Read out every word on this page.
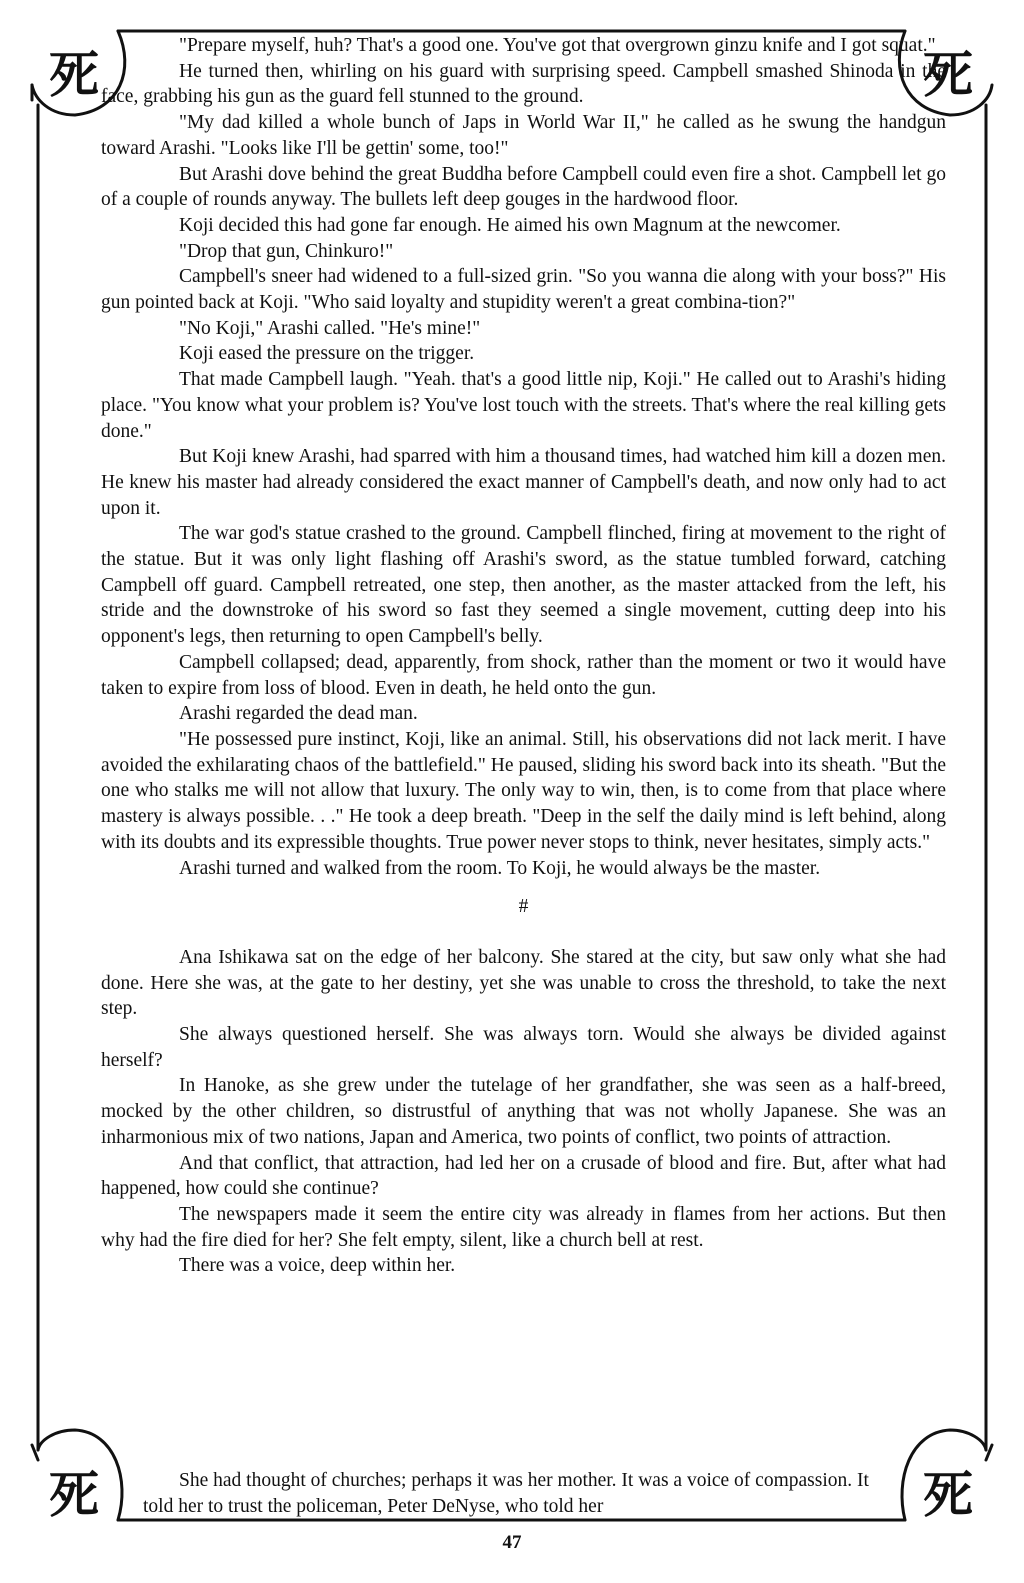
死	死
死	死

"Prepare myself, huh? That's a good one. You've got that overgrown ginzu knife and I got squat."

He turned then, whirling on his guard with surprising speed. Campbell smashed Shinoda in the face, grabbing his gun as the guard fell stunned to the ground.

"My dad killed a whole bunch of Japs in World War II," he called as he swung the handgun toward Arashi. "Looks like I'll be gettin' some, too!"

But Arashi dove behind the great Buddha before Campbell could even fire a shot. Campbell let go of a couple of rounds anyway. The bullets left deep gouges in the hardwood floor.

Koji decided this had gone far enough. He aimed his own Magnum at the newcomer.

"Drop that gun, Chinkuro!"

Campbell's sneer had widened to a full-sized grin. "So you wanna die along with your boss?" His gun pointed back at Koji. "Who said loyalty and stupidity weren't a great combina-tion?"

"No Koji," Arashi called. "He's mine!"

Koji eased the pressure on the trigger.

That made Campbell laugh. "Yeah. that's a good little nip, Koji." He called out to Arashi's hiding place. "You know what your problem is? You've lost touch with the streets. That's where the real killing gets done."

But Koji knew Arashi, had sparred with him a thousand times, had watched him kill a dozen men. He knew his master had already considered the exact manner of Campbell's death, and now only had to act upon it.

The war god's statue crashed to the ground. Campbell flinched, firing at movement to the right of the statue. But it was only light flashing off Arashi's sword, as the statue tumbled forward, catching Campbell off guard. Campbell retreated, one step, then another, as the master attacked from the left, his stride and the downstroke of his sword so fast they seemed a single movement, cutting deep into his opponent's legs, then returning to open Campbell's belly.

Campbell collapsed; dead, apparently, from shock, rather than the moment or two it would have taken to expire from loss of blood. Even in death, he held onto the gun.

Arashi regarded the dead man.

"He possessed pure instinct, Koji, like an animal. Still, his observations did not lack merit. I have avoided the exhilarating chaos of the battlefield." He paused, sliding his sword back into its sheath. "But the one who stalks me will not allow that luxury. The only way to win, then, is to come from that place where mastery is always possible. . ." He took a deep breath. "Deep in the self the daily mind is left behind, along with its doubts and its expressible thoughts. True power never stops to think, never hesitates, simply acts."

Arashi turned and walked from the room. To Koji, he would always be the master.

#

Ana Ishikawa sat on the edge of her balcony. She stared at the city, but saw only what she had done. Here she was, at the gate to her destiny, yet she was unable to cross the threshold, to take the next step.

She always questioned herself. She was always torn. Would she always be divided against herself?

In Hanoke, as she grew under the tutelage of her grandfather, she was seen as a half-breed, mocked by the other children, so distrustful of anything that was not wholly Japanese. She was an inharmonious mix of two nations, Japan and America, two points of conflict, two points of attraction.

And that conflict, that attraction, had led her on a crusade of blood and fire. But, after what had happened, how could she continue?

The newspapers made it seem the entire city was already in flames from her actions. But then why had the fire died for her? She felt empty, silent, like a church bell at rest.

There was a voice, deep within her.

She had thought of churches; perhaps it was her mother. It was a voice of compassion. It told her to trust the policeman, Peter DeNyse, who told her

47
